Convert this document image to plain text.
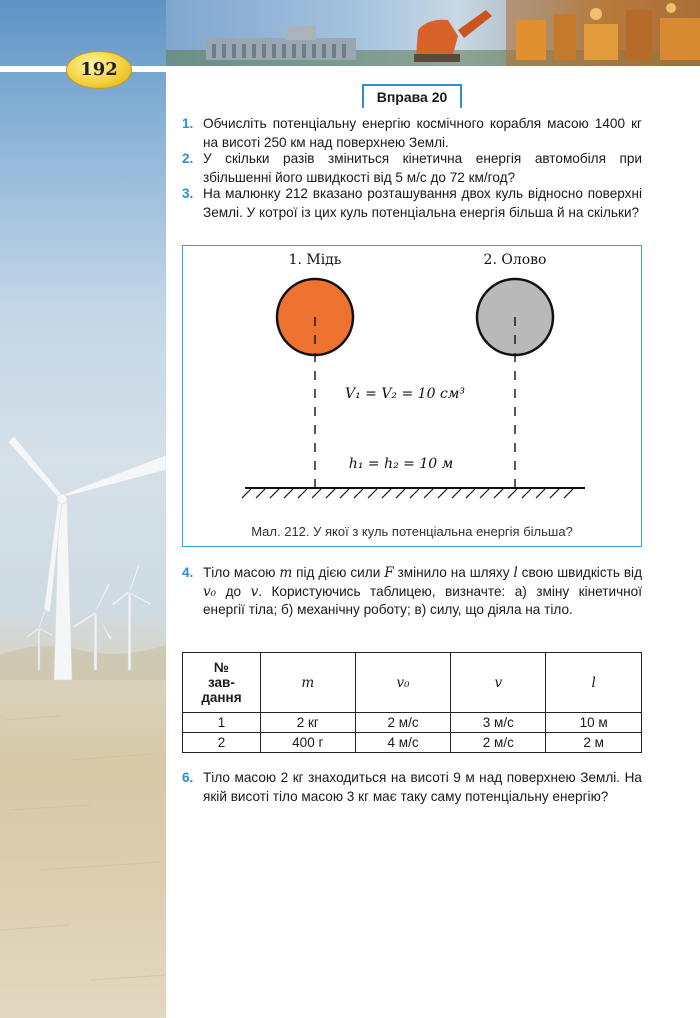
192
Вправа 20
1. Обчисліть потенціальну енергію космічного корабля масою 1400 кг на висоті 250 км над поверхнею Землі.
2. У скільки разів зміниться кінетична енергія автомобіля при збільшенні його швидкості від 5 м/с до 72 км/год?
3. На малюнку 212 вказано розташування двох куль відносно поверхні Землі. У котрої із цих куль потенціальна енергія більша й на скільки?
1. Мідь	2. Олово
V₁ = V₂ = 10 см³
h₁ = h₂ = 10 м
Мал. 212. У якої з куль потенціальна енергія більша?
4. Тіло масою m під дією сили F змінило на шляху l свою швидкість від v₀ до v. Користуючись таблицею, визначте: а) зміну кінетичної енергії тіла; б) механічну роботу; в) силу, що діяла на тіло.
№
зав-
дання	m	v₀	v	l
1	2 кг	2 м/с	3 м/с	10 м
2	400 г	4 м/с	2 м/с	2 м
6. Тіло масою 2 кг знаходиться на висоті 9 м над поверхнею Землі. На якій висоті тіло масою 3 кг має таку саму потенціальну енергію?
